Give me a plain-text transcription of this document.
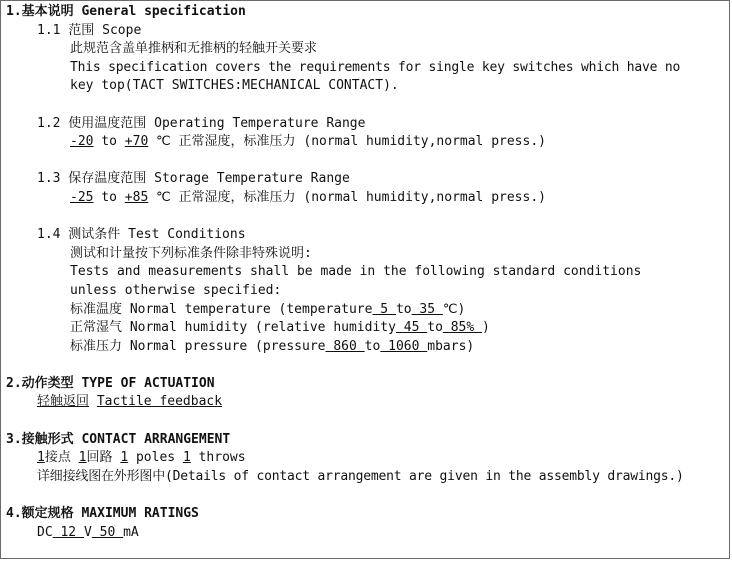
1.基本说明 General specification
1.1 范围 Scope
此规范含盖单推柄和无推柄的轻触开关要求
This specification covers the requirements for single key switches which have no
key top(TACT SWITCHES:MECHANICAL CONTACT).
1.2 使用温度范围 Operating Temperature Range
-20 to +70 ℃ 正常湿度，标准压力 (normal humidity,normal press.)
1.3 保存温度范围 Storage Temperature Range
-25 to +85 ℃ 正常湿度，标准压力 (normal humidity,normal press.)
1.4 测试条件 Test Conditions
测试和计量按下列标准条件除非特殊说明:
Tests and measurements shall be made in the following standard conditions
unless otherwise specified:
标准温度 Normal temperature (temperature 5 to 35 ℃)
正常湿气 Normal humidity (relative humidity 45 to 85% )
标准压力 Normal pressure (pressure 860 to 1060 mbars)
2.动作类型 TYPE OF ACTUATION
轻触返回 Tactile feedback
3.接触形式 CONTACT ARRANGEMENT
1接点 1回路 1 poles 1 throws
详细接线图在外形图中(Details of contact arrangement are given in the assembly drawings.)
4.额定规格 MAXIMUM RATINGS
DC 12 V 50 mA
